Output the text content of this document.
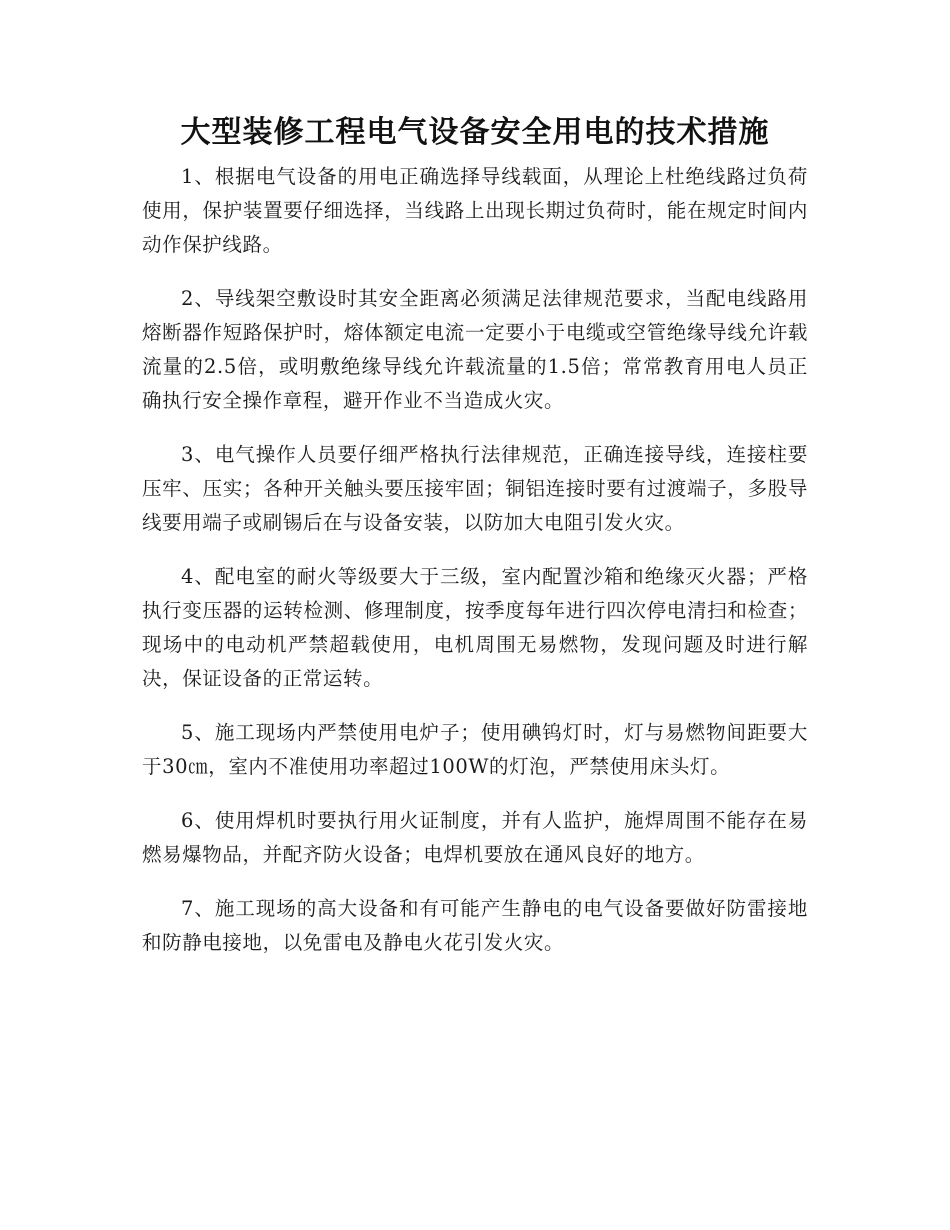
大型装修工程电气设备安全用电的技术措施

1、根据电气设备的用电正确选择导线载面，从理论上杜绝线路过负荷使用，保护装置要仔细选择，当线路上出现长期过负荷时，能在规定时间内动作保护线路。

2、导线架空敷设时其安全距离必须满足法律规范要求，当配电线路用熔断器作短路保护时，熔体额定电流一定要小于电缆或空管绝缘导线允许载流量的2.5倍，或明敷绝缘导线允许载流量的1.5倍；常常教育用电人员正确执行安全操作章程，避开作业不当造成火灾。

3、电气操作人员要仔细严格执行法律规范，正确连接导线，连接柱要压牢、压实；各种开关触头要压接牢固；铜铝连接时要有过渡端子，多股导线要用端子或刷锡后在与设备安装，以防加大电阻引发火灾。

4、配电室的耐火等级要大于三级，室内配置沙箱和绝缘灭火器；严格执行变压器的运转检测、修理制度，按季度每年进行四次停电清扫和检查；现场中的电动机严禁超载使用，电机周围无易燃物，发现问题及时进行解决，保证设备的正常运转。

5、施工现场内严禁使用电炉子；使用碘钨灯时，灯与易燃物间距要大于30㎝，室内不准使用功率超过100W的灯泡，严禁使用床头灯。

6、使用焊机时要执行用火证制度，并有人监护，施焊周围不能存在易燃易爆物品，并配齐防火设备；电焊机要放在通风良好的地方。

7、施工现场的高大设备和有可能产生静电的电气设备要做好防雷接地和防静电接地，以免雷电及静电火花引发火灾。
